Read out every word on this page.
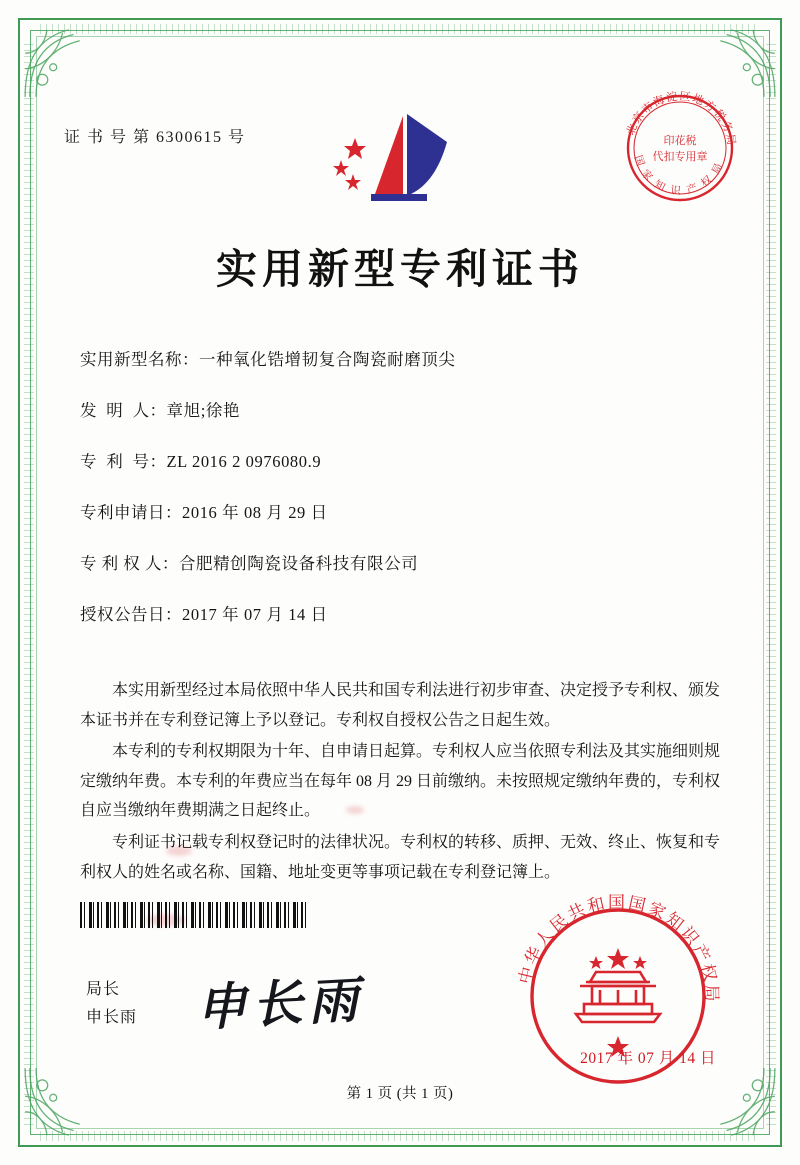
证 书 号 第 6300615 号
北京市海淀区地方税务局
国 家 知 识 产 权 局
印花税
代扣专用章
实用新型专利证书
实用新型名称： 一种氧化锆增韧复合陶瓷耐磨顶尖
发  明  人： 章旭;徐艳
专  利  号： ZL 2016 2 0976080.9
专利申请日： 2016 年 08 月 29 日
专 利 权 人： 合肥精创陶瓷设备科技有限公司
授权公告日： 2017 年 07 月 14 日

本实用新型经过本局依照中华人民共和国专利法进行初步审查、决定授予专利权、颁发本证书并在专利登记簿上予以登记。专利权自授权公告之日起生效。

本专利的专利权期限为十年、自申请日起算。专利权人应当依照专利法及其实施细则规定缴纳年费。本专利的年费应当在每年 08 月 29 日前缴纳。未按照规定缴纳年费的，专利权自应当缴纳年费期满之日起终止。

专利证书记载专利权登记时的法律状况。专利权的转移、质押、无效、终止、恢复和专利权人的姓名或名称、国籍、地址变更等事项记载在专利登记簿上。

局长
申长雨 申长雨	中华人民共和国国家知识产权局
2017 年 07 月 14 日
第 1 页 (共 1 页)
